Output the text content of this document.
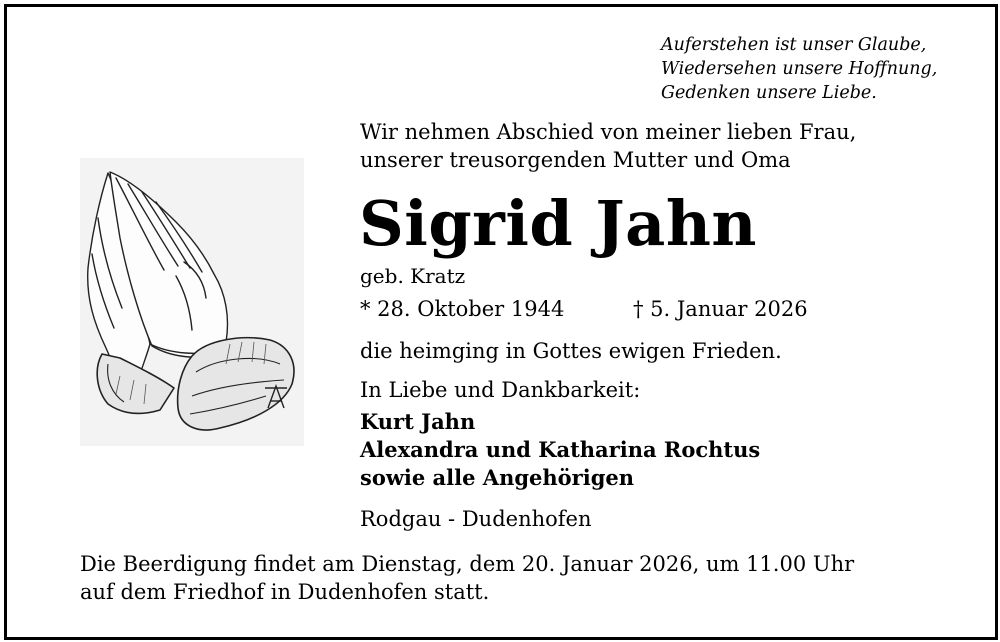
Auferstehen ist unser Glaube,
Wiedersehen unsere Hoffnung,
Gedenken unsere Liebe.
Wir nehmen Abschied von meiner lieben Frau,
unserer treusorgenden Mutter und Oma
Sigrid Jahn
geb. Kratz
* 28. Oktober 1944	† 5. Januar 2026
die heimging in Gottes ewigen Frieden.
In Liebe und Dankbarkeit:
Kurt Jahn
Alexandra und Katharina Rochtus
sowie alle Angehörigen
Rodgau - Dudenhofen
Die Beerdigung findet am Dienstag, dem 20. Januar 2026, um 11.00 Uhr
auf dem Friedhof in Dudenhofen statt.
